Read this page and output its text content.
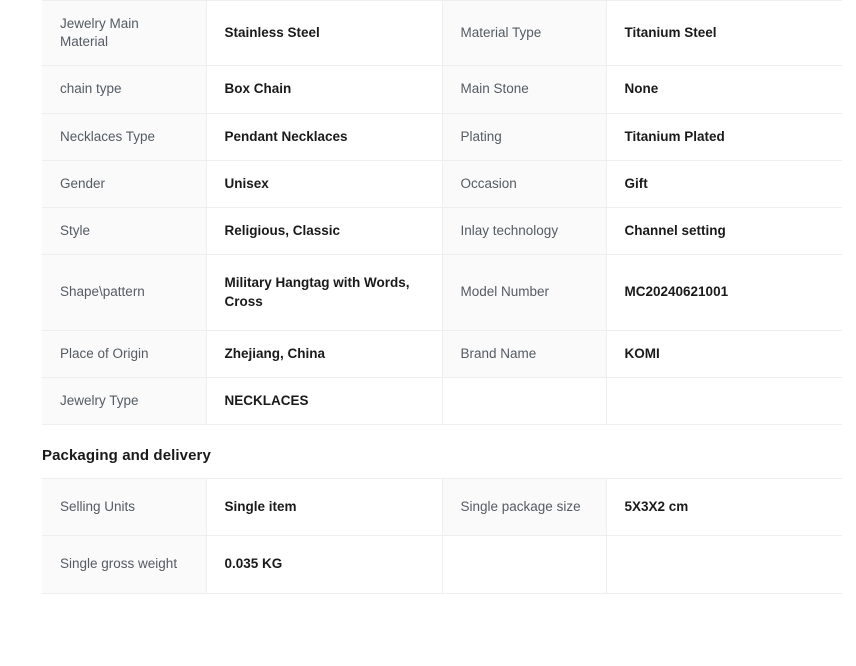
Jewelry Main Material	Stainless Steel	Material Type	Titanium Steel
chain type	Box Chain	Main Stone	None
Necklaces Type	Pendant Necklaces	Plating	Titanium Plated
Gender	Unisex	Occasion	Gift
Style	Religious, Classic	Inlay technology	Channel setting
Shape\pattern	Military Hangtag with Words, Cross	Model Number	MC20240621001
Place of Origin	Zhejiang, China	Brand Name	KOMI
Jewelry Type	NECKLACES		
Packaging and delivery
Selling Units	Single item	Single package size	5X3X2 cm
Single gross weight	0.035 KG		
